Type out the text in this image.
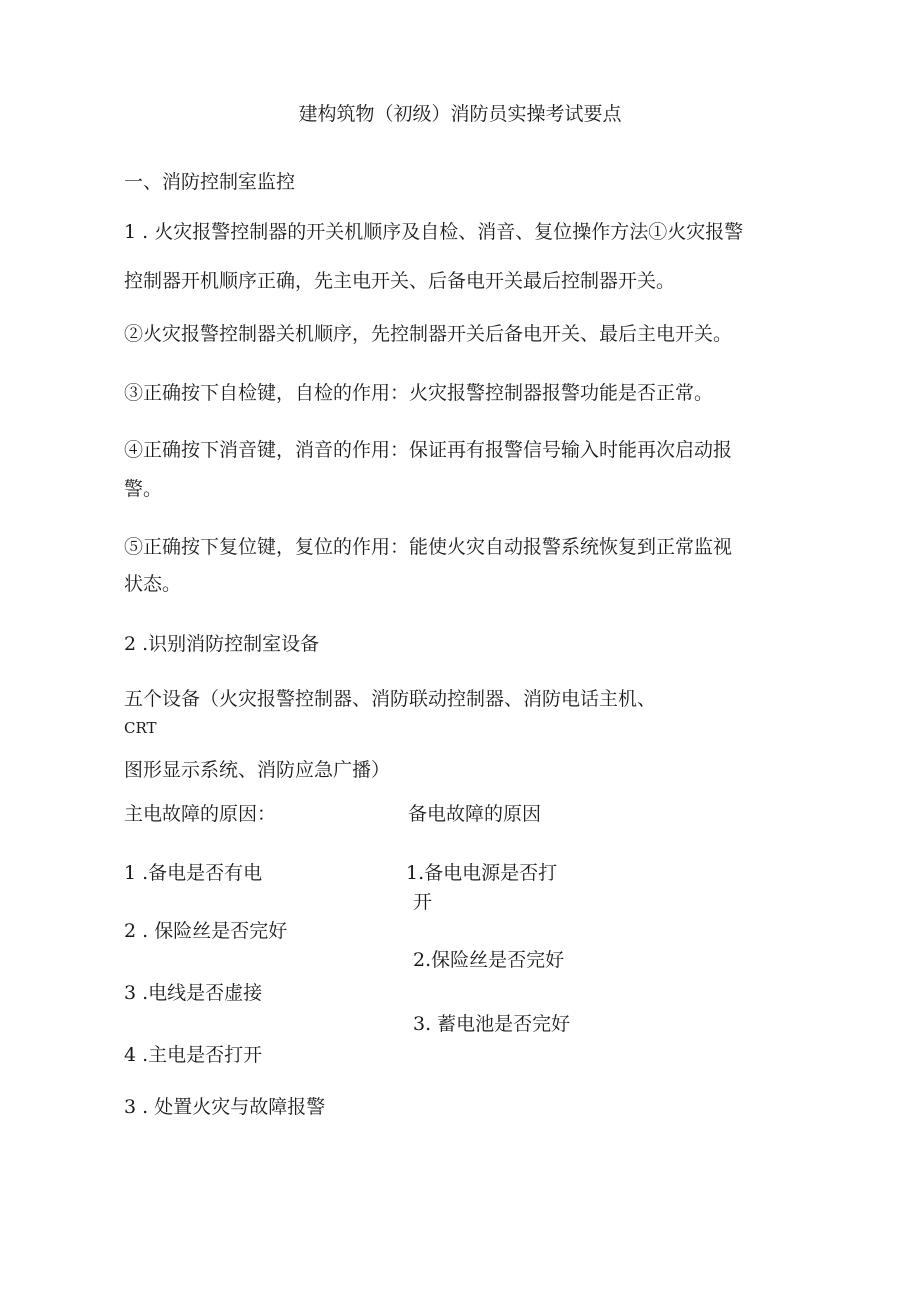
建构筑物（初级）消防员实操考试要点
一、消防控制室监控
1 . 火灾报警控制器的开关机顺序及自检、消音、复位操作方法①火灾报警
控制器开机顺序正确，先主电开关、后备电开关最后控制器开关。
②火灾报警控制器关机顺序，先控制器开关后备电开关、最后主电开关。
③正确按下自检键，自检的作用：火灾报警控制器报警功能是否正常。
④正确按下消音键，消音的作用：保证再有报警信号输入时能再次启动报
警。
⑤正确按下复位键，复位的作用：能使火灾自动报警系统恢复到正常监视
状态。
2 .识别消防控制室设备
五个设备（火灾报警控制器、消防联动控制器、消防电话主机、
CRT
图形显示系统、消防应急广播）
主电故障的原因：	备电故障的原因
1 .备电是否有电	1.备电电源是否打
开
2 . 保险丝是否完好
2.保险丝是否完好
3 .电线是否虚接
3. 蓄电池是否完好
4 .主电是否打开
3 . 处置火灾与故障报警
